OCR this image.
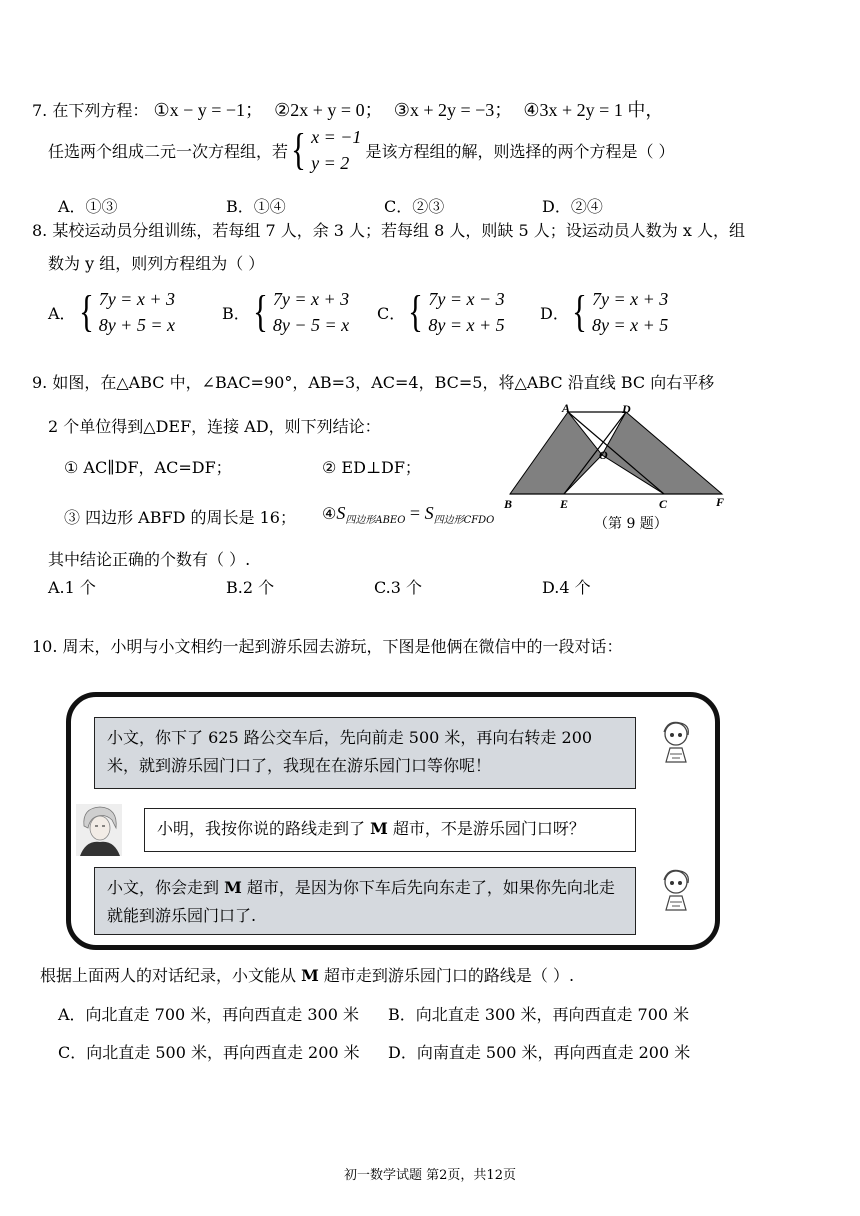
7. 在下列方程： ①x − y = −1； ②2x + y = 0； ③x + 2y = −3； ④3x + 2y = 1 中，
任选两个组成二元一次方程组，若 { x = −1
y = 2
是该方程组的解，则选择的两个方程是（ ）
A．①③	B．①④	C．②③	D．②④
8. 某校运动员分组训练，若每组 7 人，余 3 人；若每组 8 人，则缺 5 人；设运动员人数为 x 人，组
数为 y 组，则列方程组为（ ）
A． { 7y = x + 3
8y + 5 = x
B． { 7y = x + 3
8y − 5 = x
C． { 7y = x − 3
8y = x + 5
D． { 7y = x + 3
8y = x + 5
9. 如图，在△ABC 中，∠BAC=90°，AB=3，AC=4，BC=5，将△ABC 沿直线 BC 向右平移
2 个单位得到△DEF，连接 AD，则下列结论：
① AC∥DF，AC=DF；	② ED⊥DF；
③ 四边形 ABFD 的周长是 16； $④S_{四边形ABEO} = S_{四边形CFDO}$
A	D
O
B	E	C	F
（第 9 题）
其中结论正确的个数有（ ）.
A.1 个	B.2 个	C.3 个	D.4 个
10. 周末，小明与小文相约一起到游乐园去游玩，下图是他俩在微信中的一段对话：
小文，你下了 625 路公交车后，先向前走 500 米，再向右转走 200 米，就到游乐园门口了，我现在在游乐园门口等你呢！
小明，我按你说的路线走到了 M 超市，不是游乐园门口呀？
小文，你会走到 M 超市，是因为你下车后先向东走了，如果你先向北走就能到游乐园门口了.
根据上面两人的对话纪录，小文能从 M 超市走到游乐园门口的路线是（ ）.
A．向北直走 700 米，再向西直走 300 米 B．向北直走 300 米，再向西直走 700 米
C．向北直走 500 米，再向西直走 200 米 D．向南直走 500 米，再向西直走 200 米
初一数学试题 第2页，共12页
